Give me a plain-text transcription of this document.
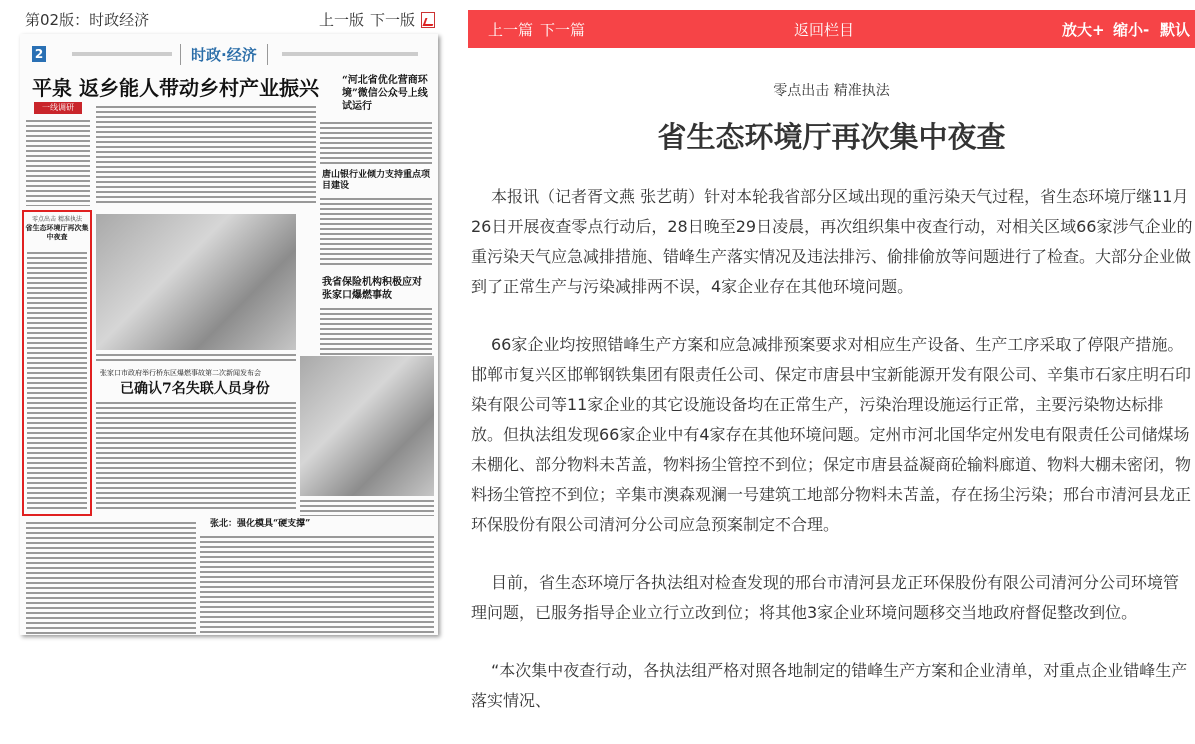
第02版：时政经济	上一版 下一版
2	时政·经济
平泉 返乡能人带动乡村产业振兴 “河北省优化营商环境”微信公众号上线试运行
一线调研
唐山银行业倾力支持重点项目建设
我省保险机构积极应对张家口爆燃事故
零点出击 精准执法
省生态环境厅再次集中夜查
张家口市政府举行桥东区爆燃事故第二次新闻发布会
已确认7名失联人员身份
张北：强化模具“硬支撑”
上一篇 下一篇	返回栏目	放大+ 缩小- 默认
零点出击 精准执法
省生态环境厅再次集中夜查

本报讯（记者胥文燕 张艺萌）针对本轮我省部分区域出现的重污染天气过程，省生态环境厅继11月26日开展夜查零点行动后，28日晚至29日凌晨，再次组织集中夜查行动，对相关区域66家涉气企业的重污染天气应急减排措施、错峰生产落实情况及违法排污、偷排偷放等问题进行了检查。大部分企业做到了正常生产与污染减排两不误，4家企业存在其他环境问题。

66家企业均按照错峰生产方案和应急减排预案要求对相应生产设备、生产工序采取了停限产措施。邯郸市复兴区邯郸钢铁集团有限责任公司、保定市唐县中宝新能源开发有限公司、辛集市石家庄明石印染有限公司等11家企业的其它设施设备均在正常生产，污染治理设施运行正常，主要污染物达标排放。但执法组发现66家企业中有4家存在其他环境问题。定州市河北国华定州发电有限责任公司储煤场未棚化、部分物料未苫盖，物料扬尘管控不到位；保定市唐县益凝商砼输料廊道、物料大棚未密闭，物料扬尘管控不到位；辛集市澳森观澜一号建筑工地部分物料未苫盖，存在扬尘污染；邢台市清河县龙正环保股份有限公司清河分公司应急预案制定不合理。

目前，省生态环境厅各执法组对检查发现的邢台市清河县龙正环保股份有限公司清河分公司环境管理问题，已服务指导企业立行立改到位；将其他3家企业环境问题移交当地政府督促整改到位。

“本次集中夜查行动，各执法组严格对照各地制定的错峰生产方案和企业清单，对重点企业错峰生产落实情况、
